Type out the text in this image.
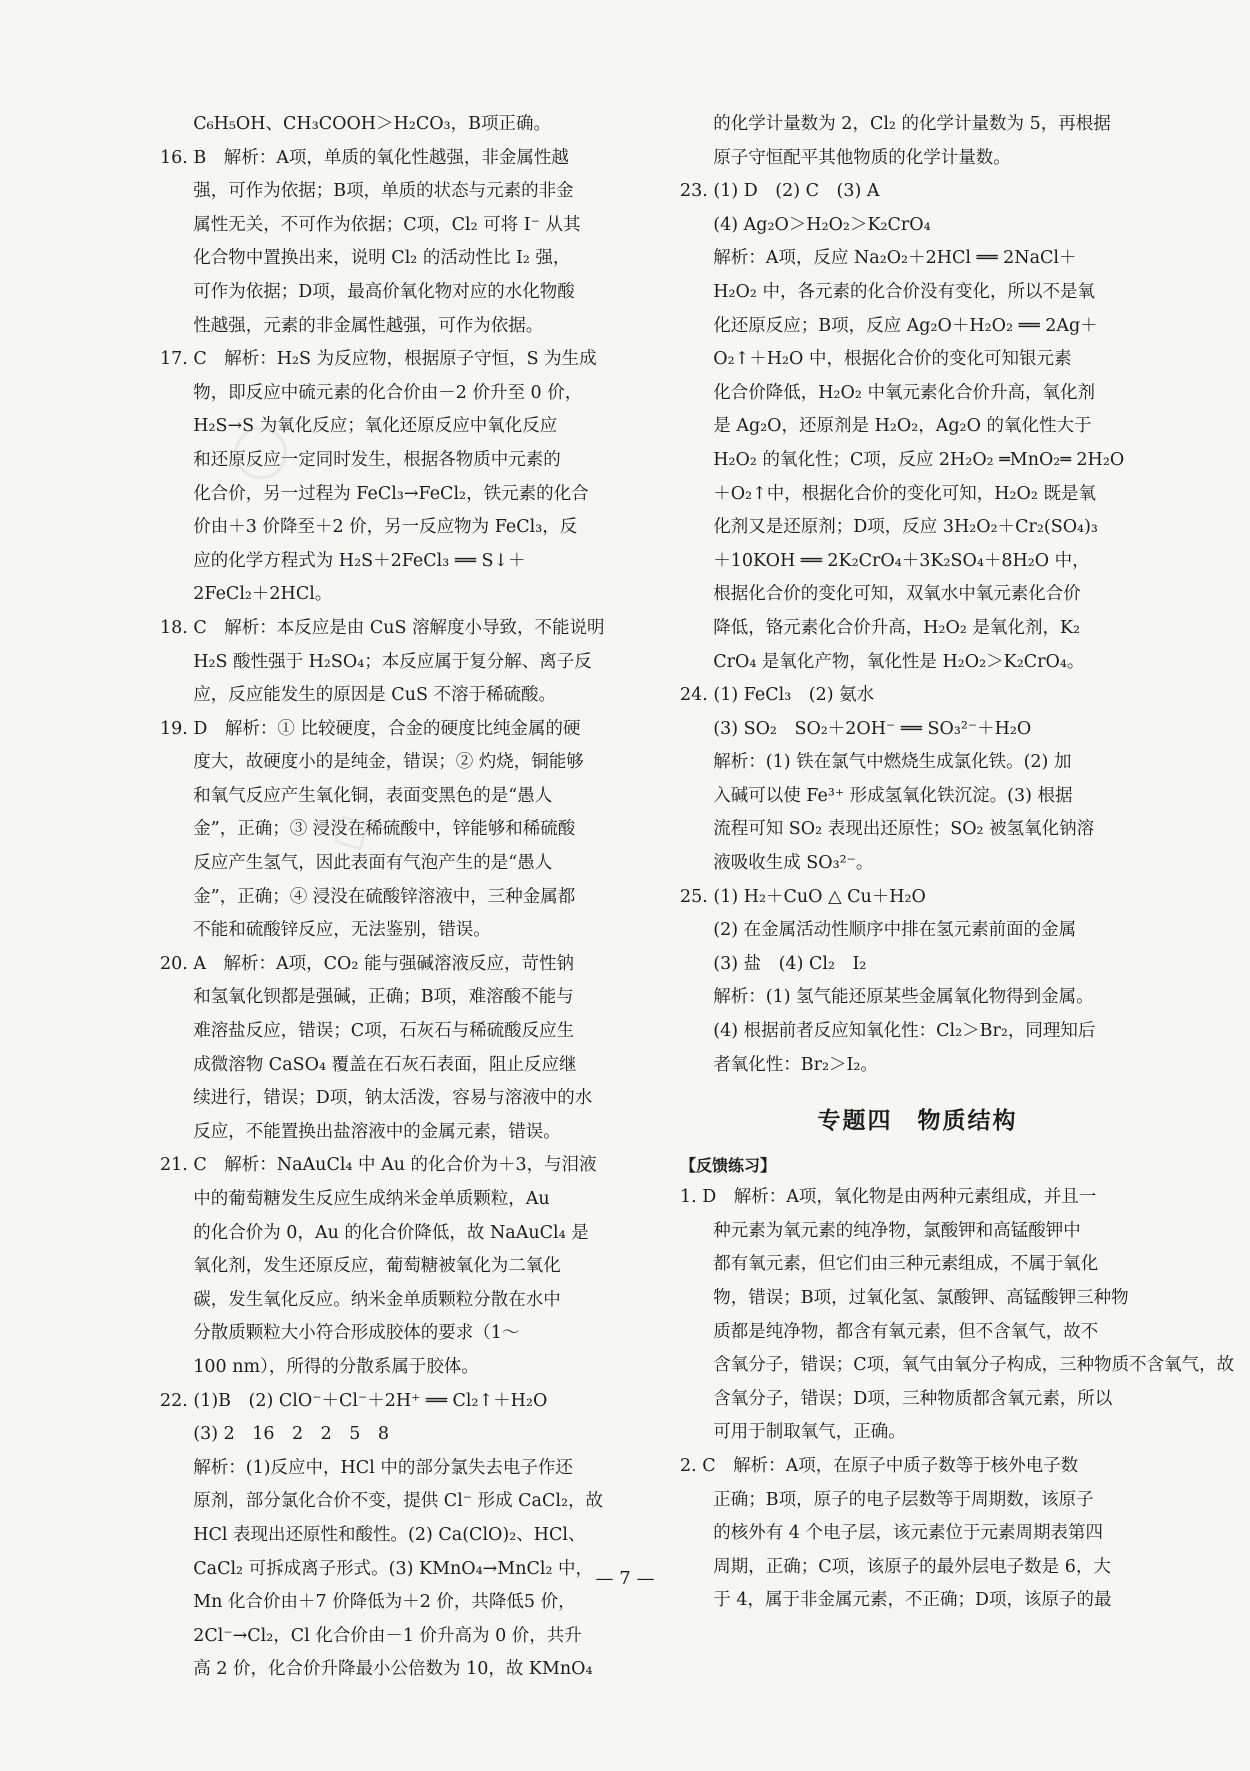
C₆H₅OH、CH₃COOH＞H₂CO₃，B项正确。
16. B　解析：A项，单质的氧化性越强，非金属性越
强，可作为依据；B项，单质的状态与元素的非金
属性无关，不可作为依据；C项，Cl₂ 可将 I⁻ 从其
化合物中置换出来，说明 Cl₂ 的活动性比 I₂ 强，
可作为依据；D项，最高价氧化物对应的水化物酸
性越强，元素的非金属性越强，可作为依据。
17. C　解析：H₂S 为反应物，根据原子守恒，S 为生成
物，即反应中硫元素的化合价由－2 价升至 0 价，
H₂S→S 为氧化反应；氧化还原反应中氧化反应
和还原反应一定同时发生，根据各物质中元素的
化合价，另一过程为 FeCl₃→FeCl₂，铁元素的化合
价由＋3 价降至＋2 价，另一反应物为 FeCl₃，反
应的化学方程式为 H₂S＋2FeCl₃ ══ S↓＋
2FeCl₂＋2HCl。
18. C　解析：本反应是由 CuS 溶解度小导致，不能说明
H₂S 酸性强于 H₂SO₄；本反应属于复分解、离子反
应，反应能发生的原因是 CuS 不溶于稀硫酸。
19. D　解析：① 比较硬度，合金的硬度比纯金属的硬
度大，故硬度小的是纯金，错误；② 灼烧，铜能够
和氧气反应产生氧化铜，表面变黑色的是“愚人
金”，正确；③ 浸没在稀硫酸中，锌能够和稀硫酸
反应产生氢气，因此表面有气泡产生的是“愚人
金”，正确；④ 浸没在硫酸锌溶液中，三种金属都
不能和硫酸锌反应，无法鉴别，错误。
20. A　解析：A项，CO₂ 能与强碱溶液反应，苛性钠
和氢氧化钡都是强碱，正确；B项，难溶酸不能与
难溶盐反应，错误；C项，石灰石与稀硫酸反应生
成微溶物 CaSO₄ 覆盖在石灰石表面，阻止反应继
续进行，错误；D项，钠太活泼，容易与溶液中的水
反应，不能置换出盐溶液中的金属元素，错误。
21. C　解析：NaAuCl₄ 中 Au 的化合价为＋3，与泪液
中的葡萄糖发生反应生成纳米金单质颗粒，Au
的化合价为 0，Au 的化合价降低，故 NaAuCl₄ 是
氧化剂，发生还原反应，葡萄糖被氧化为二氧化
碳，发生氧化反应。纳米金单质颗粒分散在水中
分散质颗粒大小符合形成胶体的要求（1～
100 nm），所得的分散系属于胶体。
22. (1)B　(2) ClO⁻＋Cl⁻＋2H⁺ ══ Cl₂↑＋H₂O
(3) 2　16　2　2　5　8
解析：(1)反应中，HCl 中的部分氯失去电子作还
原剂，部分氯化合价不变，提供 Cl⁻ 形成 CaCl₂，故
HCl 表现出还原性和酸性。(2) Ca(ClO)₂、HCl、
CaCl₂ 可拆成离子形式。(3) KMnO₄→MnCl₂ 中，
Mn 化合价由＋7 价降低为＋2 价，共降低5 价，
2Cl⁻→Cl₂，Cl 化合价由－1 价升高为 0 价，共升
高 2 价，化合价升降最小公倍数为 10，故 KMnO₄
的化学计量数为 2，Cl₂ 的化学计量数为 5，再根据
原子守恒配平其他物质的化学计量数。
23. (1) D　(2) C　(3) A
(4) Ag₂O＞H₂O₂＞K₂CrO₄
解析：A项，反应 Na₂O₂＋2HCl ══ 2NaCl＋
H₂O₂ 中，各元素的化合价没有变化，所以不是氧
化还原反应；B项，反应 Ag₂O＋H₂O₂ ══ 2Ag＋
O₂↑＋H₂O 中，根据化合价的变化可知银元素
化合价降低，H₂O₂ 中氧元素化合价升高，氧化剂
是 Ag₂O，还原剂是 H₂O₂，Ag₂O 的氧化性大于
H₂O₂ 的氧化性；C项，反应 2H₂O₂ ═MnO₂═ 2H₂O
＋O₂↑中，根据化合价的变化可知，H₂O₂ 既是氧
化剂又是还原剂；D项，反应 3H₂O₂＋Cr₂(SO₄)₃
＋10KOH ══ 2K₂CrO₄＋3K₂SO₄＋8H₂O 中，
根据化合价的变化可知，双氧水中氧元素化合价
降低，铬元素化合价升高，H₂O₂ 是氧化剂，K₂
CrO₄ 是氧化产物，氧化性是 H₂O₂＞K₂CrO₄。
24. (1) FeCl₃　(2) 氨水
(3) SO₂　SO₂＋2OH⁻ ══ SO₃²⁻＋H₂O
解析：(1) 铁在氯气中燃烧生成氯化铁。(2) 加
入碱可以使 Fe³⁺ 形成氢氧化铁沉淀。(3) 根据
流程可知 SO₂ 表现出还原性；SO₂ 被氢氧化钠溶
液吸收生成 SO₃²⁻。
25. (1) H₂＋CuO △ Cu＋H₂O
(2) 在金属活动性顺序中排在氢元素前面的金属
(3) 盐　(4) Cl₂　I₂
解析：(1) 氢气能还原某些金属氧化物得到金属。
(4) 根据前者反应知氧化性：Cl₂＞Br₂，同理知后
者氧化性：Br₂＞I₂。
专题四　物质结构
【反馈练习】
1. D　解析：A项，氧化物是由两种元素组成，并且一
种元素为氧元素的纯净物，氯酸钾和高锰酸钾中
都有氧元素，但它们由三种元素组成，不属于氧化
物，错误；B项，过氧化氢、氯酸钾、高锰酸钾三种物
质都是纯净物，都含有氧元素，但不含氧气，故不
含氧分子，错误；C项，氧气由氧分子构成，三种物质不含氧气，故
含氧分子，错误；D项，三种物质都含氧元素，所以
可用于制取氧气，正确。
2. C　解析：A项，在原子中质子数等于核外电子数
正确；B项，原子的电子层数等于周期数，该原子
的核外有 4 个电子层，该元素位于元素周期表第四
周期，正确；C项，该原子的最外层电子数是 6，大
于 4，属于非金属元素，不正确；D项，该原子的最
— 7 —
◯
◇
